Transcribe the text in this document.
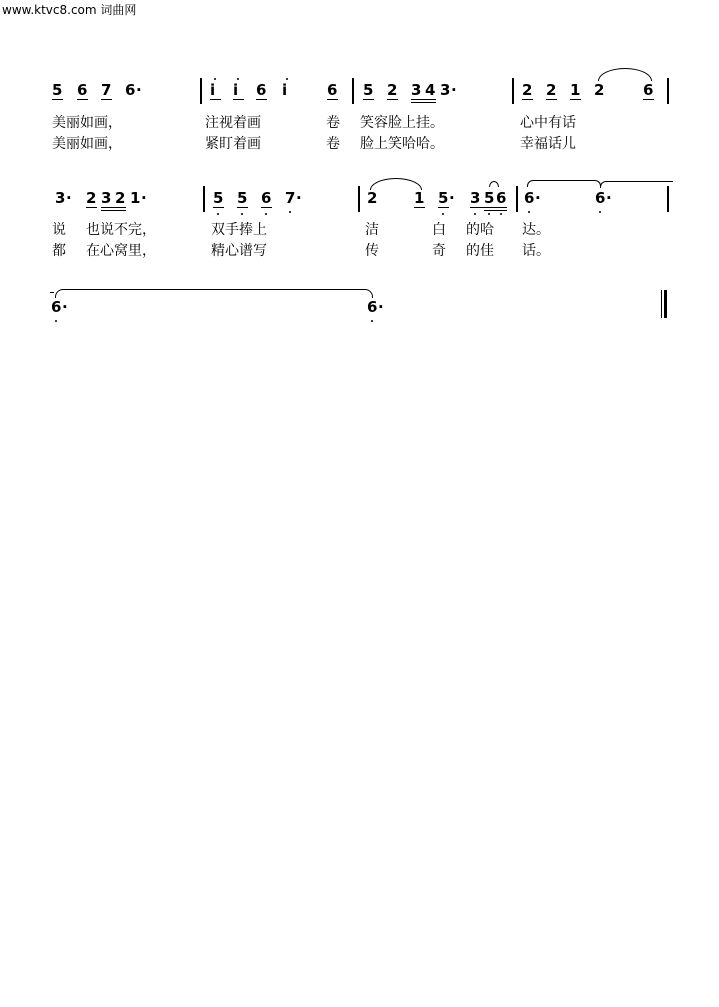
www.ktvc8.com 词曲网
5 6 7 6 ·	i i 6 i	6 5 2 3 4 3 ·	2 2 1 2	6
美丽如画，	注视着画	卷 笑容脸上挂。	心中有话
美丽如画，	紧盯着画	卷 脸上笑哈哈。	幸福话儿
3 · 2 3 2 1 ·	5 5 6 7 ·	2 1 5 · 3 5 6 6 ·	6 ·
说 也说不完，	双手捧上	洁	白 的哈 达。
都 在心窝里，	精心谱写	传	奇 的佳 话。
6 ·	6 ·
